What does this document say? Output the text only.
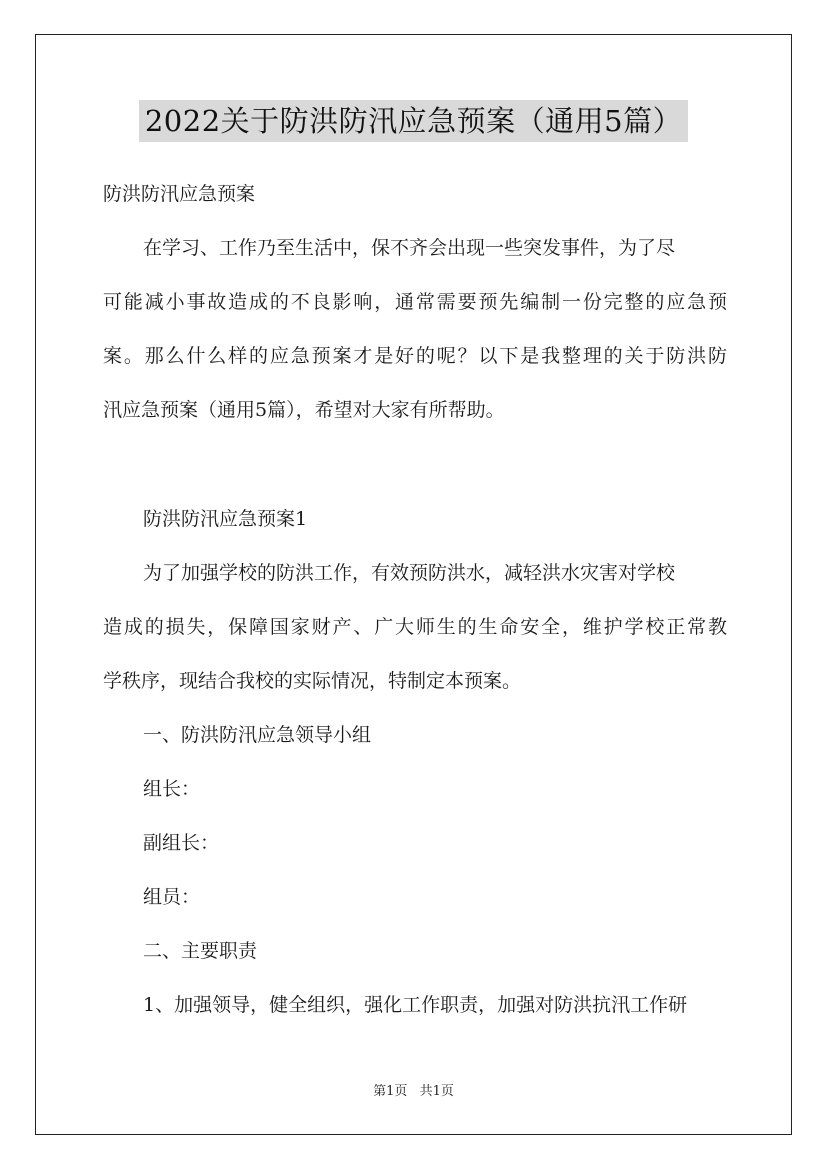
2022关于防洪防汛应急预案（通用5篇）
防洪防汛应急预案
在学习、工作乃至生活中，保不齐会出现一些突发事件，为了尽
可能减小事故造成的不良影响，通常需要预先编制一份完整的应急预
案。那么什么样的应急预案才是好的呢？以下是我整理的关于防洪防
汛应急预案（通用5篇），希望对大家有所帮助。
防洪防汛应急预案1
为了加强学校的防洪工作，有效预防洪水，减轻洪水灾害对学校
造成的损失，保障国家财产、广大师生的生命安全，维护学校正常教
学秩序，现结合我校的实际情况，特制定本预案。
一、防洪防汛应急领导小组
组长：
副组长：
组员：
二、主要职责
1、加强领导，健全组织，强化工作职责，加强对防洪抗汛工作研
第1页 共1页
